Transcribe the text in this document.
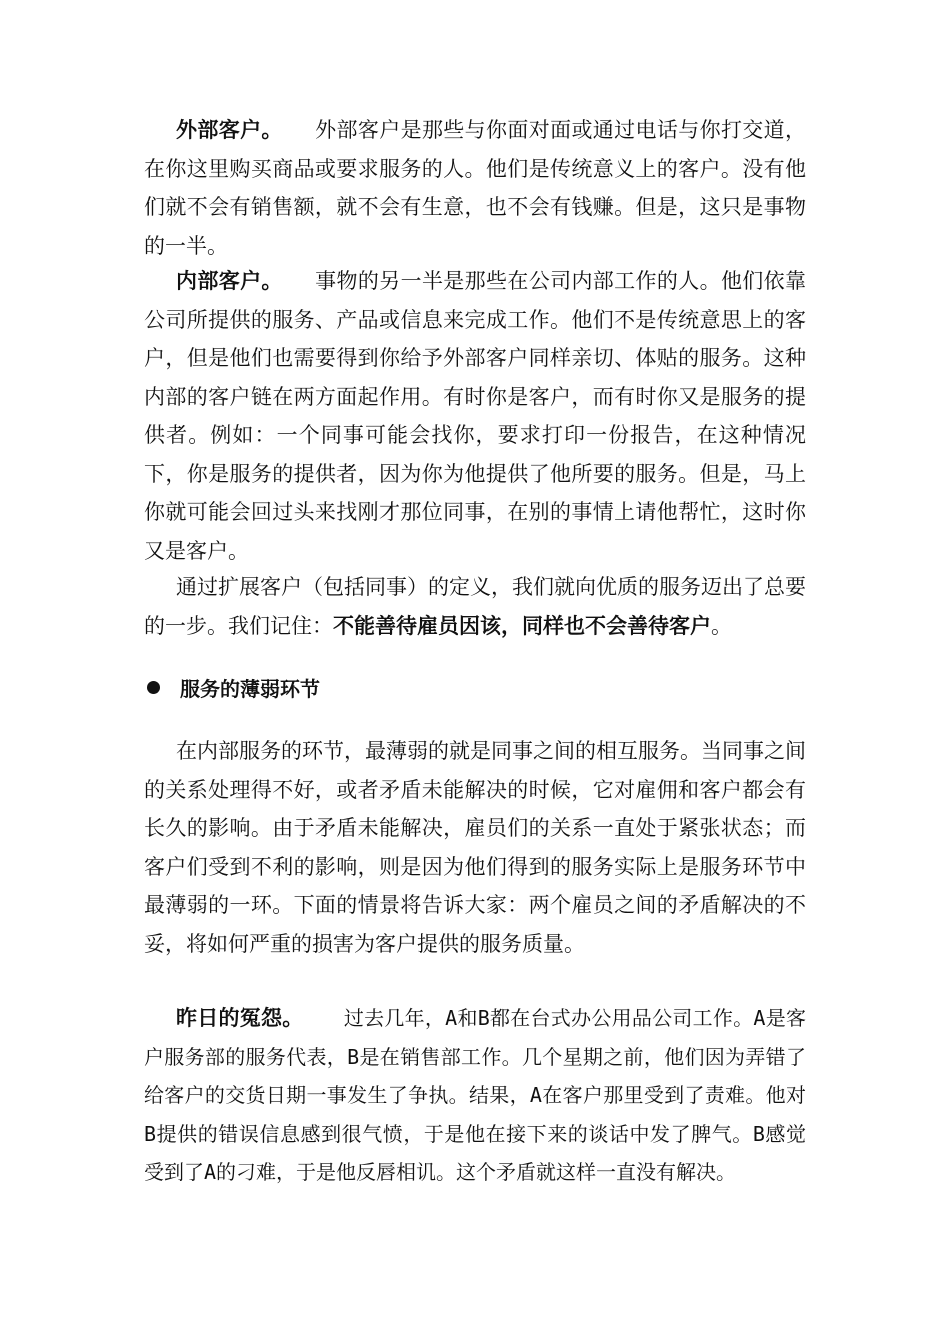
外部客户。 外部客户是那些与你面对面或通过电话与你打交道，在你这里购买商品或要求服务的人。他们是传统意义上的客户。没有他们就不会有销售额，就不会有生意，也不会有钱赚。但是，这只是事物的一半。

内部客户。 事物的另一半是那些在公司内部工作的人。他们依靠公司所提供的服务、产品或信息来完成工作。他们不是传统意思上的客户，但是他们也需要得到你给予外部客户同样亲切、体贴的服务。这种内部的客户链在两方面起作用。有时你是客户，而有时你又是服务的提供者。例如：一个同事可能会找你，要求打印一份报告，在这种情况下，你是服务的提供者，因为你为他提供了他所要的服务。但是，马上你就可能会回过头来找刚才那位同事，在别的事情上请他帮忙，这时你又是客户。

通过扩展客户（包括同事）的定义，我们就向优质的服务迈出了总要的一步。我们记住：不能善待雇员因该，同样也不会善待客户。

服务的薄弱环节

在内部服务的环节，最薄弱的就是同事之间的相互服务。当同事之间的关系处理得不好，或者矛盾未能解决的时候，它对雇佣和客户都会有长久的影响。由于矛盾未能解决，雇员们的关系一直处于紧张状态；而客户们受到不利的影响，则是因为他们得到的服务实际上是服务环节中最薄弱的一环。下面的情景将告诉大家：两个雇员之间的矛盾解决的不妥，将如何严重的损害为客户提供的服务质量。

昨日的冤怨。 过去几年，A和B都在台式办公用品公司工作。A是客户服务部的服务代表，B是在销售部工作。几个星期之前，他们因为弄错了给客户的交货日期一事发生了争执。结果，A在客户那里受到了责难。他对B提供的错误信息感到很气愤，于是他在接下来的谈话中发了脾气。B感觉受到了A的刁难，于是他反唇相讥。这个矛盾就这样一直没有解决。
